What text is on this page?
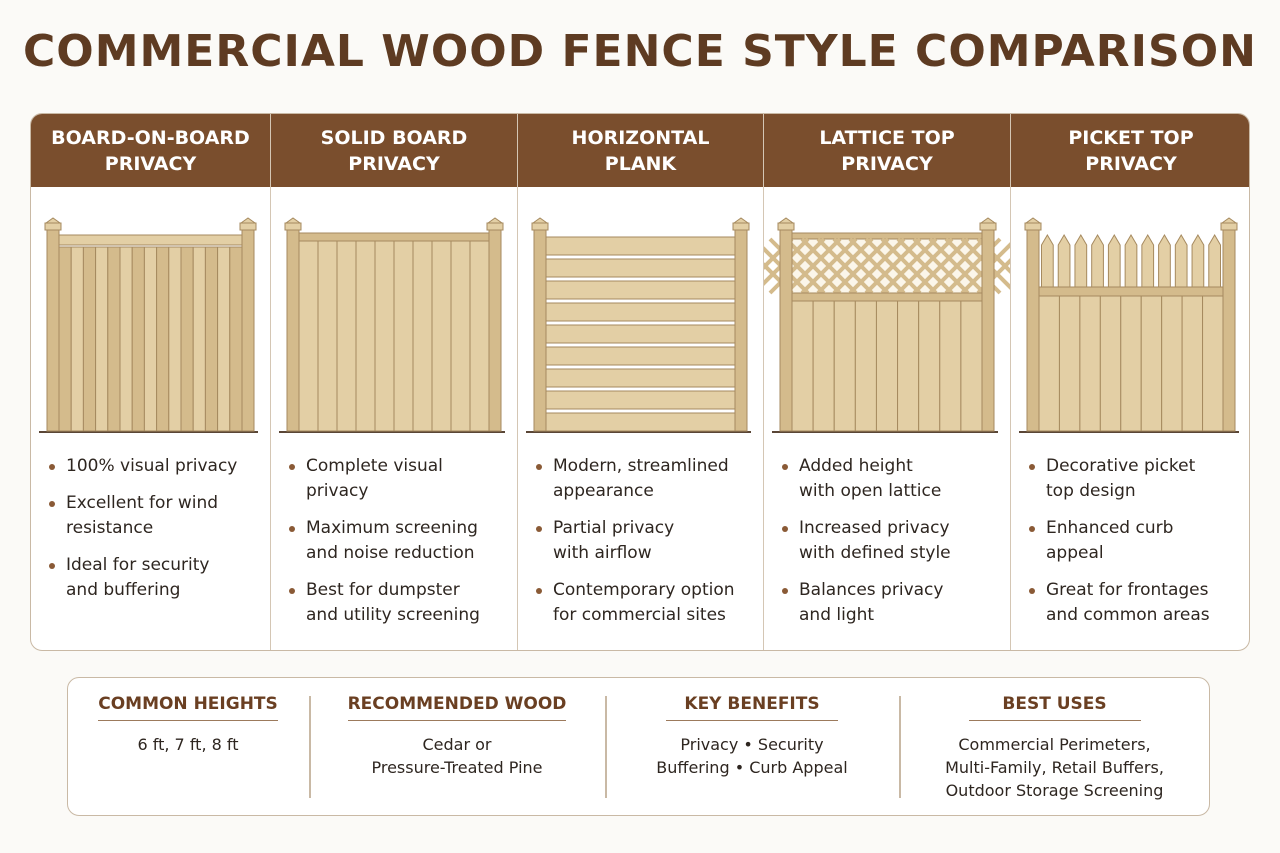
COMMERCIAL WOOD FENCE STYLE COMPARISON
BOARD-ON-BOARD
PRIVACY
100% visual privacy
Excellent for wind
resistance
Ideal for security
and buffering
SOLID BOARD
PRIVACY
Complete visual privacy
Maximum screening
and noise reduction
Best for dumpster
and utility screening
HORIZONTAL
PLANK
Modern, streamlined
appearance
Partial privacy
with airflow
Contemporary option
for commercial sites
LATTICE TOP
PRIVACY
Added height
with open lattice
Increased privacy
with defined style
Balances privacy
and light
PICKET TOP
PRIVACY
Decorative picket
top design
Enhanced curb
appeal
Great for frontages
and common areas
COMMON HEIGHTS
6 ft, 7 ft, 8 ft
RECOMMENDED WOOD
Cedar or
Pressure-Treated Pine
KEY BENEFITS
Privacy • Security
Buffering • Curb Appeal
BEST USES
Commercial Perimeters,
Multi-Family, Retail Buffers,
Outdoor Storage Screening
